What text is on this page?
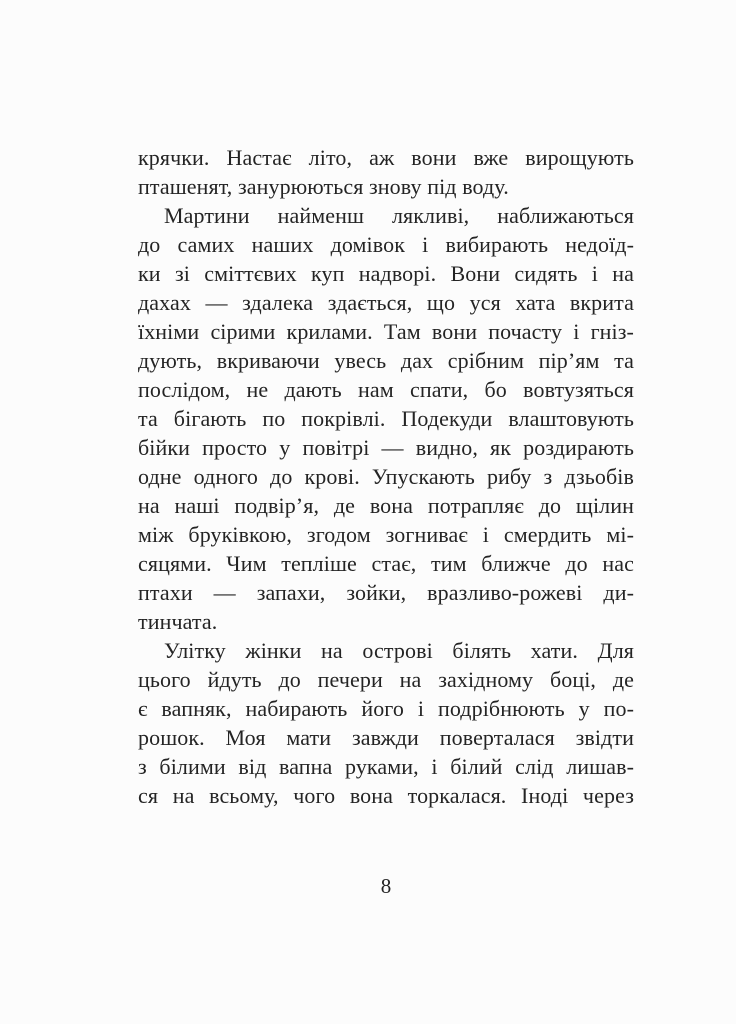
крячки. Настає літо, аж вони вже вирощують
пташенят, занурюються знову під воду.
Мартини найменш лякливі, наближаються
до самих наших домівок і вибирають недоїд-
ки зі сміттєвих куп надворі. Вони сидять і на
дахах — здалека здається, що уся хата вкрита
їхніми сірими крилами. Там вони почасту і гніз-
дують, вкриваючи увесь дах срібним пір’ям та
послідом, не дають нам спати, бо вовтузяться
та бігають по покрівлі. Подекуди влаштовують
бійки просто у повітрі — видно, як роздирають
одне одного до крові. Упускають рибу з дзьобів
на наші подвір’я, де вона потрапляє до щілин
між бруківкою, згодом зогниває і смердить мі-
сяцями. Чим тепліше стає, тим ближче до нас
птахи — запахи, зойки, вразливо-рожеві ди-
тинчата.
Улітку жінки на острові білять хати. Для
цього йдуть до печери на західному боці, де
є вапняк, набирають його і подрібнюють у по-
рошок. Моя мати завжди поверталася звідти
з білими від вапна руками, і білий слід лишав-
ся на всьому, чого вона торкалася. Іноді через
8
